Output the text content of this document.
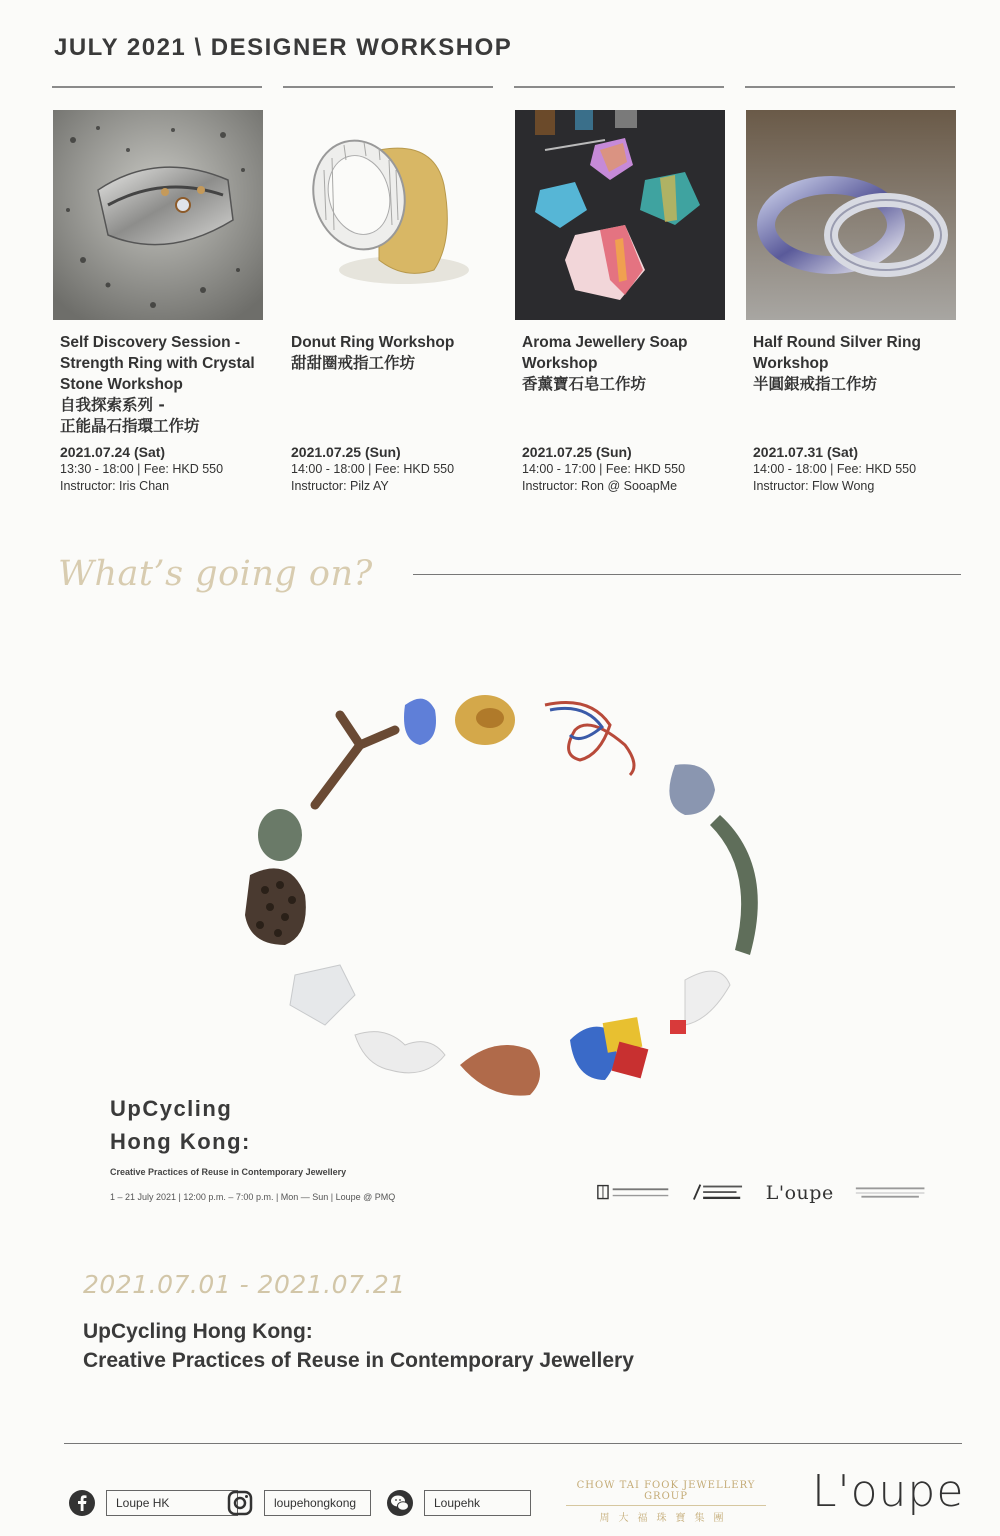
JULY 2021 \ DESIGNER WORKSHOP
Self Discovery Session -
Strength Ring with Crystal
Stone Workshop
自我探索系列 -
正能晶石指環工作坊
2021.07.24 (Sat)
13:30 - 18:00 | Fee: HKD 550
Instructor: Iris Chan
Donut Ring Workshop
甜甜圈戒指工作坊
2021.07.25 (Sun)
14:00 - 18:00 | Fee: HKD 550
Instructor: Pilz AY
Aroma Jewellery Soap
Workshop
香薰寶石皂工作坊
2021.07.25 (Sun)
14:00 - 17:00 | Fee: HKD 550
Instructor: Ron @ SooapMe
Half Round Silver Ring
Workshop
半圓銀戒指工作坊
2021.07.31 (Sat)
14:00 - 18:00 | Fee: HKD 550
Instructor: Flow Wong
What’s going on?
UpCycling
Hong Kong:
Creative Practices of Reuse in Contemporary Jewellery
1 – 21 July 2021 | 12:00 p.m. – 7:00 p.m. | Mon — Sun | Loupe @ PMQ	L'oupe
2021.07.01 - 2021.07.21
UpCycling Hong Kong:
Creative Practices of Reuse in Contemporary Jewellery
Loupe HK	loupehongkong	Loupehk
CHOW TAI FOOK JEWELLERY GROUP
周大福珠寶集團
L'oupe
